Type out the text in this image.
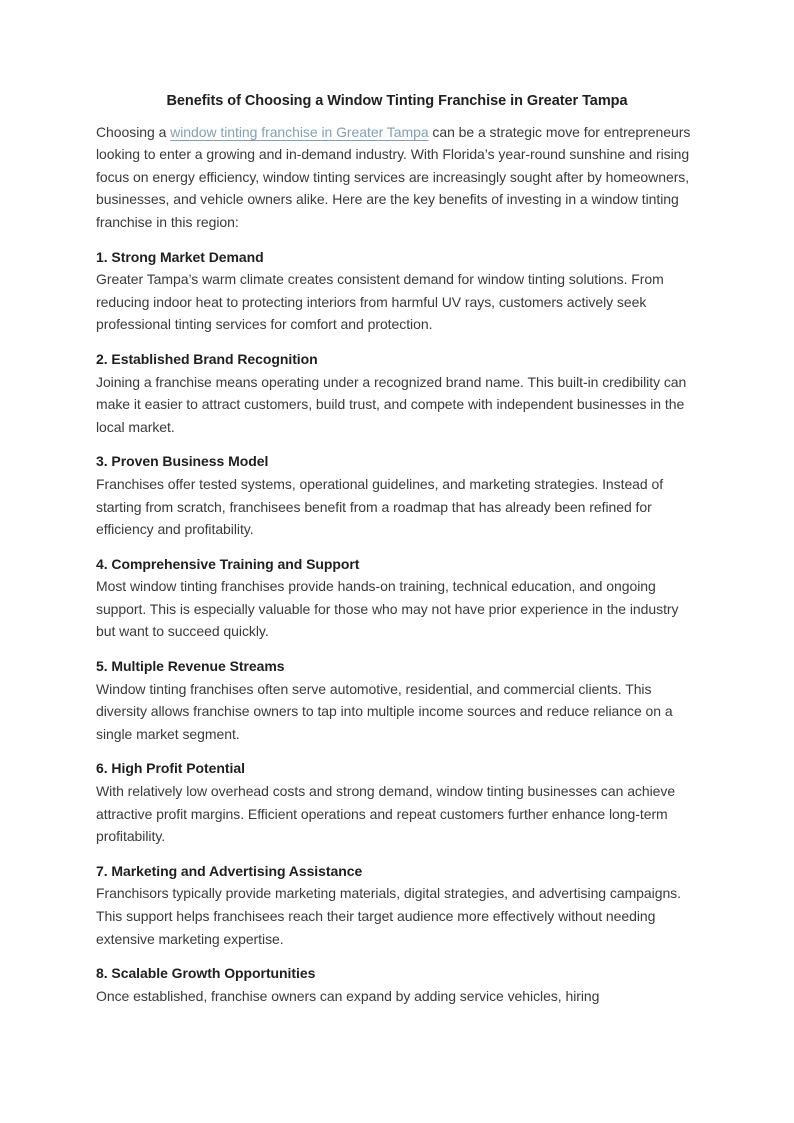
Benefits of Choosing a Window Tinting Franchise in Greater Tampa

Choosing a window tinting franchise in Greater Tampa can be a strategic move for entrepreneurs looking to enter a growing and in-demand industry. With Florida’s year-round sunshine and rising focus on energy efficiency, window tinting services are increasingly sought after by homeowners, businesses, and vehicle owners alike. Here are the key benefits of investing in a window tinting franchise in this region:

1. Strong Market Demand

Greater Tampa’s warm climate creates consistent demand for window tinting solutions. From reducing indoor heat to protecting interiors from harmful UV rays, customers actively seek professional tinting services for comfort and protection.

2. Established Brand Recognition

Joining a franchise means operating under a recognized brand name. This built-in credibility can make it easier to attract customers, build trust, and compete with independent businesses in the local market.

3. Proven Business Model

Franchises offer tested systems, operational guidelines, and marketing strategies. Instead of starting from scratch, franchisees benefit from a roadmap that has already been refined for efficiency and profitability.

4. Comprehensive Training and Support

Most window tinting franchises provide hands-on training, technical education, and ongoing support. This is especially valuable for those who may not have prior experience in the industry but want to succeed quickly.

5. Multiple Revenue Streams

Window tinting franchises often serve automotive, residential, and commercial clients. This diversity allows franchise owners to tap into multiple income sources and reduce reliance on a single market segment.

6. High Profit Potential

With relatively low overhead costs and strong demand, window tinting businesses can achieve attractive profit margins. Efficient operations and repeat customers further enhance long-term profitability.

7. Marketing and Advertising Assistance

Franchisors typically provide marketing materials, digital strategies, and advertising campaigns. This support helps franchisees reach their target audience more effectively without needing extensive marketing expertise.

8. Scalable Growth Opportunities

Once established, franchise owners can expand by adding service vehicles, hiring
